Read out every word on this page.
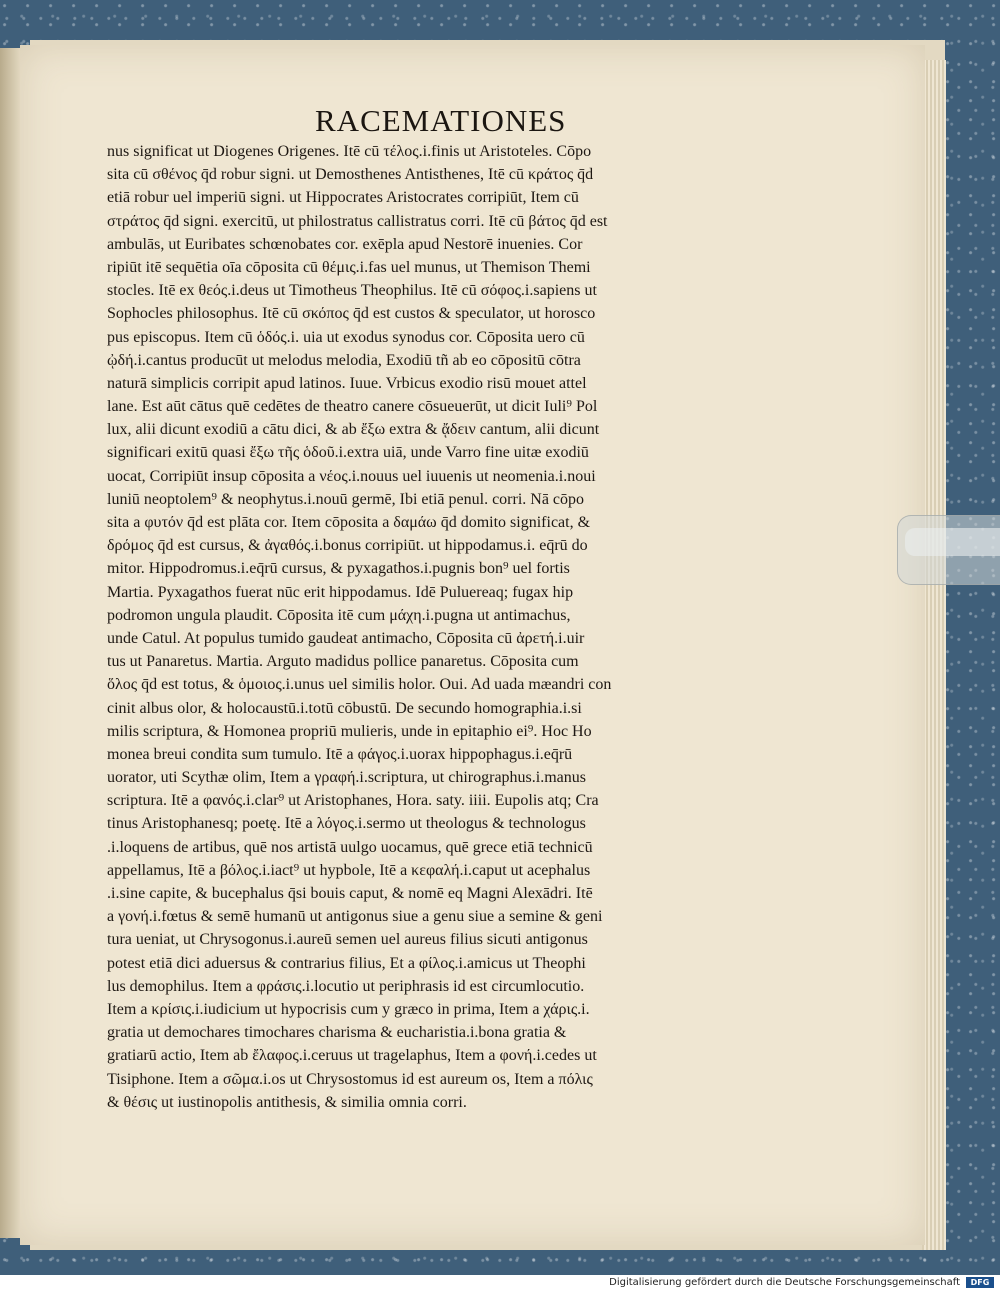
RACEMATIONES
nus significat ut Diogenes Origenes. Itē cū τέλος.i.finis ut Aristoteles. Cōpo
sita cū σθένος q̄d robur signi. ut Demosthenes Antisthenes, Itē cū κράτος q̄d
etiā robur uel imperiū signi. ut Hippocrates Aristocrates corripiūt, Item cū
στράτος q̄d signi. exercitū, ut philostratus callistratus corri. Itē cū βάτος q̄d est
ambulās, ut Euribates schœnobates cor. exēpla apud Nestorē inuenies. Cor
ripiūt itē sequētia oīa cōposita cū θέμις.i.fas uel munus, ut Themison Themi
stocles. Itē ex θεός.i.deus ut Timotheus Theophilus. Itē cū σόφος.i.sapiens ut
Sophocles philosophus. Itē cū σκόπος q̄d est custos & speculator, ut horosco
pus episcopus. Item cū ὁδός.i. uia ut exodus synodus cor. Cōposita uero cū
ᾠδή.i.cantus producūt ut melodus melodia, Exodiū tñ ab eo cōpositū cōtra
naturā simplicis corripit apud latinos. Iuue. Vrbicus exodio risū mouet attel
lane. Est aūt cātus quē cedētes de theatro canere cōsueuerūt, ut dicit Iuli⁹ Pol
lux, alii dicunt exodiū a cātu dici, & ab ἔξω extra & ᾄδειν cantum, alii dicunt
significari exitū quasi ἔξω τῆς ὁδοῦ.i.extra uiā, unde Varro fine uitæ exodiū
uocat, Corripiūt insup cōposita a νέος.i.nouus uel iuuenis ut neomenia.i.noui
luniū neoptolem⁹ & neophytus.i.nouū germē, Ibi etiā penul. corri. Nā cōpo
sita a φυτόν q̄d est plāta cor. Item cōposita a δαμάω q̄d domito significat, &
δρόμος q̄d est cursus, & ἀγαθός.i.bonus corripiūt. ut hippodamus.i. eq̄rū do
mitor. Hippodromus.i.eq̄rū cursus, & pyxagathos.i.pugnis bon⁹ uel fortis
Martia. Pyxagathos fuerat nūc erit hippodamus. Idē Puluereaq; fugax hip
podromon ungula plaudit. Cōposita itē cum μάχη.i.pugna ut antimachus,
unde Catul. At populus tumido gaudeat antimacho, Cōposita cū ἀρετή.i.uir
tus ut Panaretus. Martia. Arguto madidus pollice panaretus. Cōposita cum
ὅλος q̄d est totus, & ὁμοιος.i.unus uel similis holor. Oui. Ad uada mæandri con
cinit albus olor, & holocaustū.i.totū cōbustū. De secundo homographia.i.si
milis scriptura, & Homonea propriū mulieris, unde in epitaphio ei⁹. Hoc Ho
monea breui condita sum tumulo. Itē a φάγος.i.uorax hippophagus.i.eq̄rū
uorator, uti Scythæ olim, Item a γραφή.i.scriptura, ut chirographus.i.manus
scriptura. Itē a φανός.i.clar⁹ ut Aristophanes, Hora. saty. iiii. Eupolis atq; Cra
tinus Aristophanesq; poetę. Itē a λόγος.i.sermo ut theologus & technologus
.i.loquens de artibus, quē nos artistā uulgo uocamus, quē grece etiā technicū
appellamus, Itē a βόλος.i.iact⁹ ut hypbole, Itē a κεφαλή.i.caput ut acephalus
.i.sine capite, & bucephalus q̄si bouis caput, & nomē eq Magni Alexādri. Itē
a γονή.i.fœtus & semē humanū ut antigonus siue a genu siue a semine & geni
tura ueniat, ut Chrysogonus.i.aureū semen uel aureus filius sicuti antigonus
potest etiā dici aduersus & contrarius filius, Et a φίλος.i.amicus ut Theophi
lus demophilus. Item a φράσις.i.locutio ut periphrasis id est circumlocutio.
Item a κρίσις.i.iudicium ut hypocrisis cum y græco in prima, Item a χάρις.i.
gratia ut demochares timochares charisma & eucharistia.i.bona gratia &
gratiarū actio, Item ab ἔλαφος.i.ceruus ut tragelaphus, Item a φονή.i.cedes ut
Tisiphone. Item a σῶμα.i.os ut Chrysostomus id est aureum os, Item a πόλις
& θέσις ut iustinopolis antithesis, & similia omnia corri.
Digitalisierung gefördert durch die Deutsche Forschungsgemeinschaft	DFG
